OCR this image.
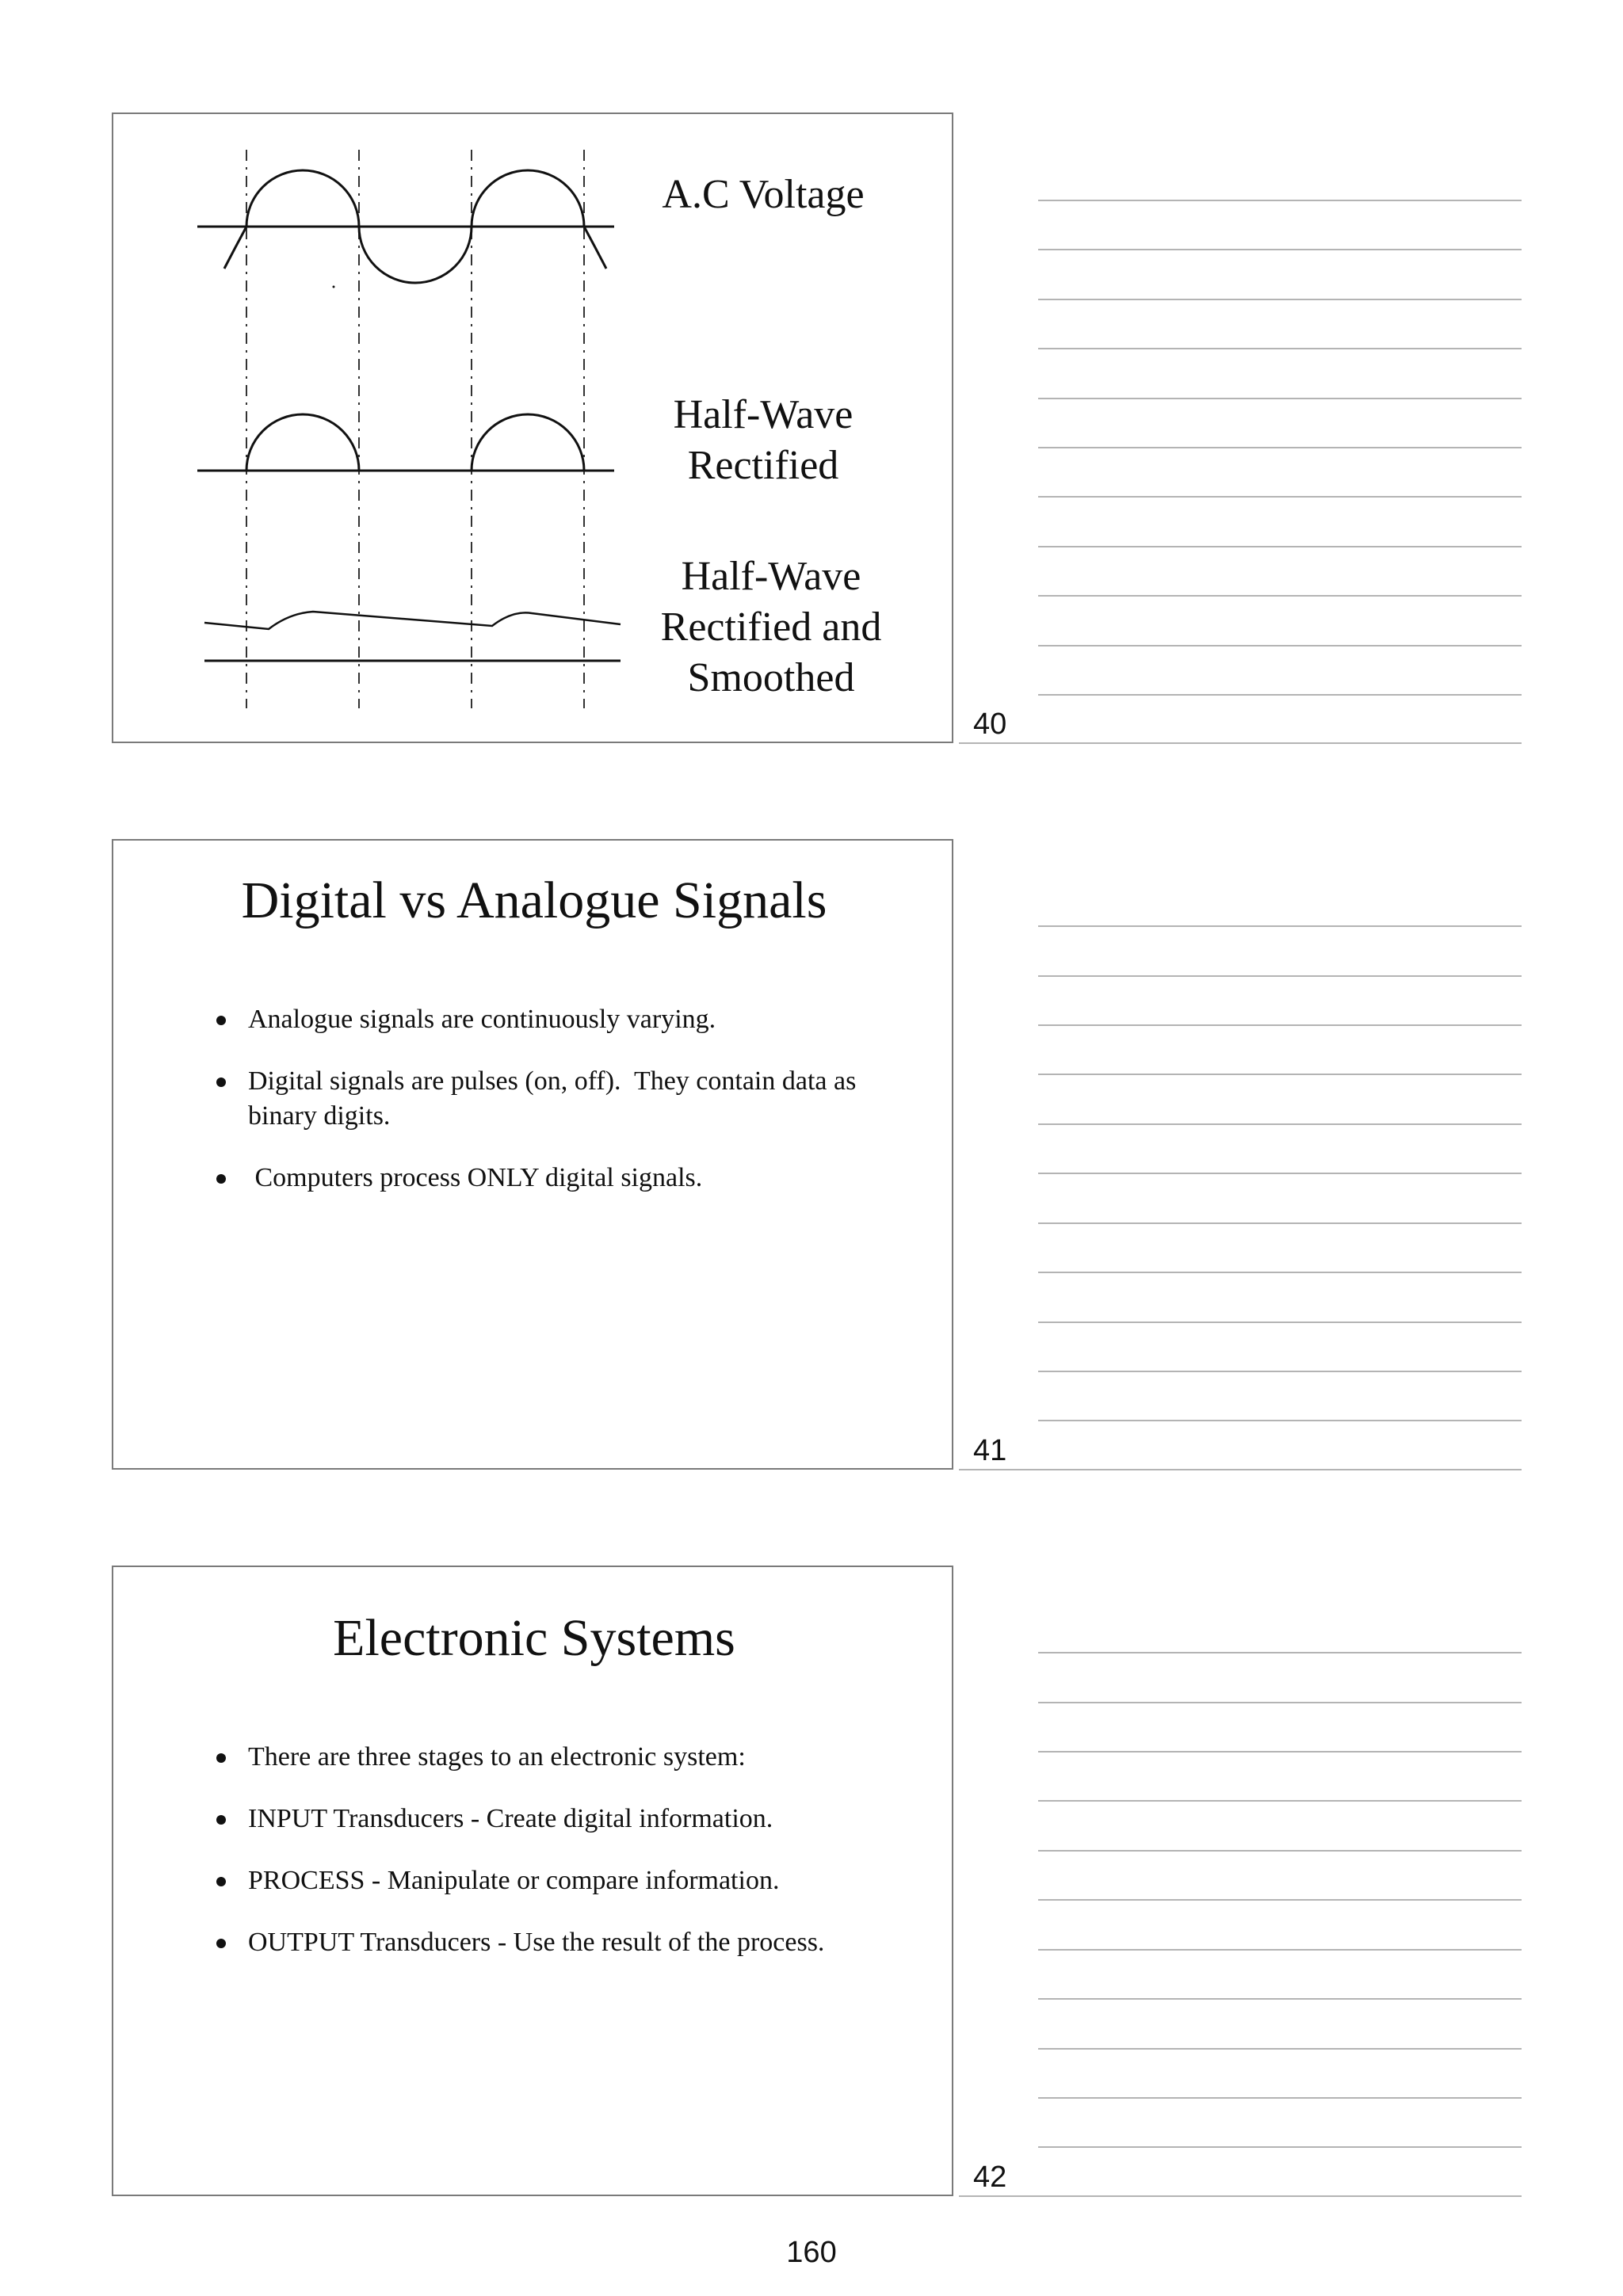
A.C Voltage
Half-Wave
Rectified
Half-Wave
Rectified and
Smoothed
40
Digital vs Analogue Signals
Analogue signals are continuously varying.
Digital signals are pulses (on, off).  They contain data as binary digits.
Computers process ONLY digital signals.
41
Electronic Systems
There are three stages to an electronic system:
INPUT Transducers - Create digital information.
PROCESS - Manipulate or compare information.
OUTPUT Transducers - Use the result of the process.
42
160
